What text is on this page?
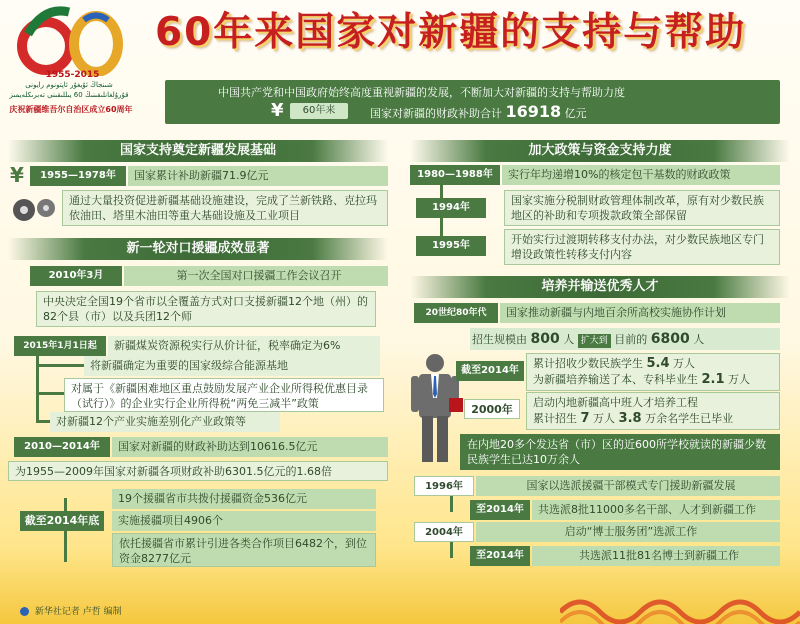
1955-2015
شىنجاڭ ئۇيغۇر ئاپتونوم رايونى قۇرۇلغانلىقىنىڭ 60 يىللىقىنى تەبرىكلەيمىز
庆祝新疆维吾尔自治区成立60周年
60年来国家对新疆的支持与帮助
中国共产党和中国政府始终高度重视新疆的发展，不断加大对新疆的支持与帮助力度
¥	60年来	国家对新疆的财政补助合计 16918 亿元
国家支持奠定新疆发展基础
¥	1955—1978年	国家累计补助新疆71.9亿元
通过大量投资促进新疆基础设施建设，完成了兰新铁路、克拉玛依油田、塔里木油田等重大基础设施及工业项目
新一轮对口援疆成效显著
2010年3月	第一次全国对口援疆工作会议召开
中央决定全国19个省市以全覆盖方式对口支援新疆12个地（州）的82个县（市）以及兵团12个师
2015年1月1日起	新疆煤炭资源税实行从价计征，税率确定为6%
将新疆确定为重要的国家级综合能源基地
对属于《新疆困难地区重点鼓励发展产业企业所得税优惠目录（试行）》的企业实行企业所得税“两免三减半”政策
对新疆12个产业实施差别化产业政策等
2010—2014年	国家对新疆的财政补助达到10616.5亿元
为1955—2009年国家对新疆各项财政补助6301.5亿元的1.68倍
截至2014年底
19个援疆省市共拨付援疆资金536亿元
实施援疆项目4906个
依托援疆省市累计引进各类合作项目6482个，到位资金8277亿元
加大政策与资金支持力度
1980—1988年	实行年均递增10%的核定包干基数的财政政策
1994年
国家实施分税制财政管理体制改革，原有对少数民族地区的补助和专项拨款政策全部保留
1995年	开始实行过渡期转移支付办法，对少数民族地区专门增设政策性转移支付内容
培养并输送优秀人才
20世纪80年代	国家推动新疆与内地百余所高校实施协作计划
招生规模由 800 人 扩大到 目前的 6800 人
截至2014年
累计招收少数民族学生 5.4 万人
为新疆培养输送了本、专科毕业生 2.1 万人
2000年
启动内地新疆高中班人才培养工程
累计招生 7 万人 3.8 万余名学生已毕业
在内地20多个发达省（市）区的近600所学校就读的新疆少数民族学生已达10万余人
1996年	国家以选派援疆干部模式专门援助新疆发展
至2014年	共选派8批11000多名干部、人才到新疆工作
2004年	启动“博士服务团”选派工作
至2014年	共选派11批81名博士到新疆工作
新华社记者 卢哲 编制
